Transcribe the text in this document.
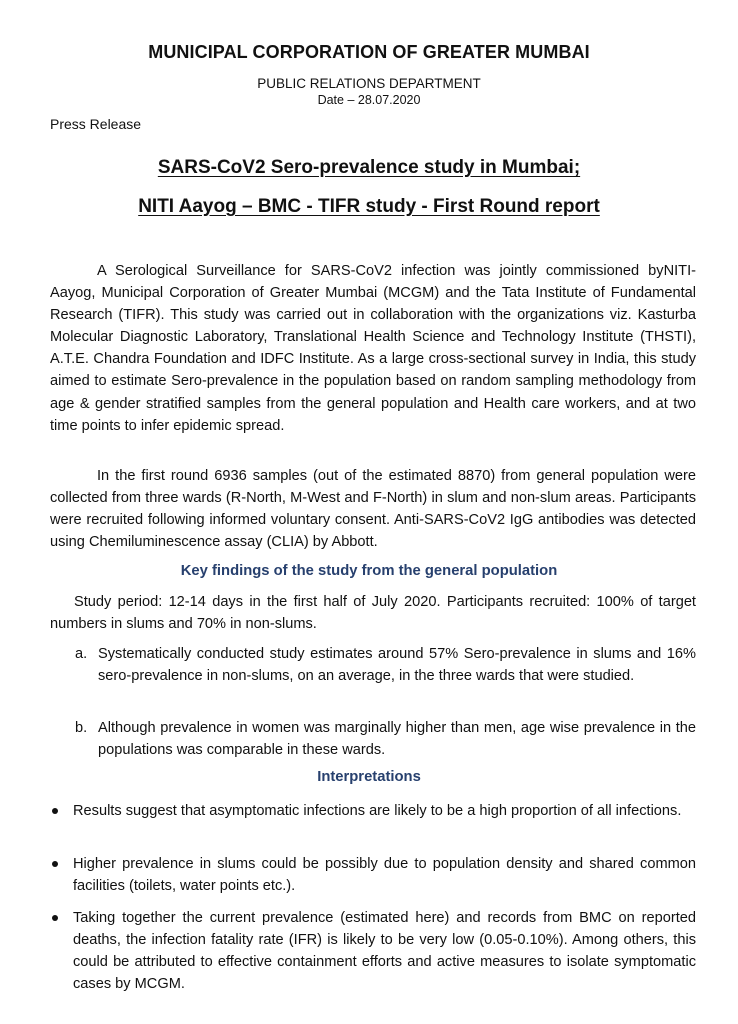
MUNICIPAL CORPORATION OF GREATER MUMBAI
PUBLIC RELATIONS DEPARTMENT
Date – 28.07.2020
Press Release
SARS-CoV2 Sero-prevalence study in Mumbai;
NITI Aayog – BMC - TIFR study - First Round report

A Serological Surveillance for SARS-CoV2 infection was jointly commissioned byNITI-Aayog, Municipal Corporation of Greater Mumbai (MCGM) and the Tata Institute of Fundamental Research (TIFR). This study was carried out in collaboration with the organizations viz. Kasturba Molecular Diagnostic Laboratory, Translational Health Science and Technology Institute (THSTI), A.T.E. Chandra Foundation and IDFC Institute. As a large cross-sectional survey in India, this study aimed to estimate Sero-prevalence in the population based on random sampling methodology from age & gender stratified samples from the general population and Health care workers, and at two time points to infer epidemic spread.

In the first round 6936 samples (out of the estimated 8870) from general population were collected from three wards (R-North, M-West and F-North) in slum and non-slum areas. Participants were recruited following informed voluntary consent. Anti-SARS-CoV2 IgG antibodies was detected using Chemiluminescence assay (CLIA) by Abbott.

Key findings of the study from the general population

Study period: 12-14 days in the first half of July 2020. Participants recruited: 100% of target numbers in slums and 70% in non-slums.

a. Systematically conducted study estimates around 57% Sero-prevalence in slums and 16% sero-prevalence in non-slums, on an average, in the three wards that were studied.
b. Although prevalence in women was marginally higher than men, age wise prevalence in the populations was comparable in these wards.
Interpretations
Results suggest that asymptomatic infections are likely to be a high proportion of all infections.
Higher prevalence in slums could be possibly due to population density and shared common facilities (toilets, water points etc.).
Taking together the current prevalence (estimated here) and records from BMC on reported deaths, the infection fatality rate (IFR) is likely to be very low (0.05-0.10%). Among others, this could be attributed to effective containment efforts and active measures to isolate symptomatic cases by MCGM.
